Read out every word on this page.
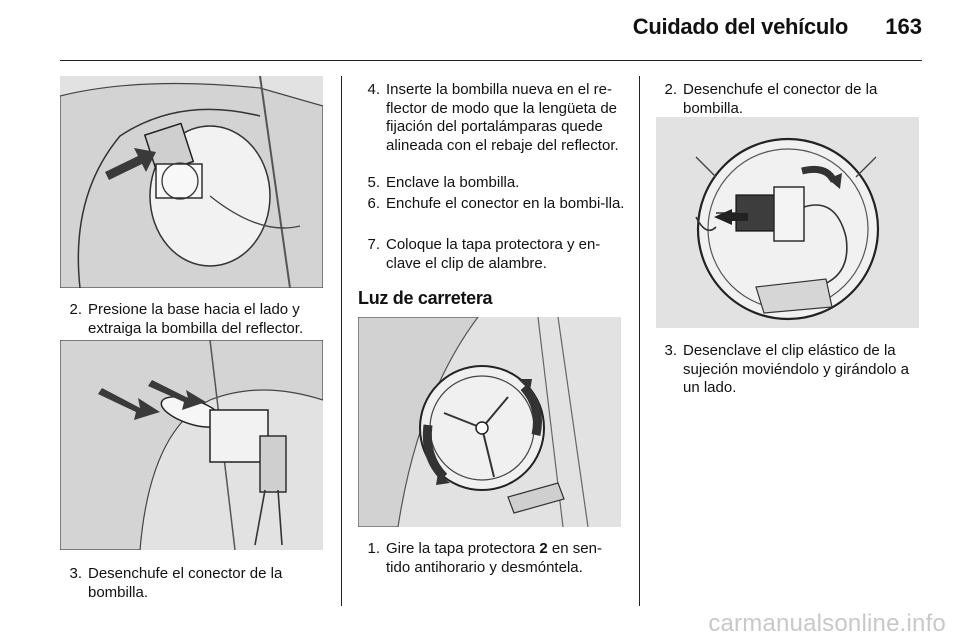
Cuidado del vehículo 163
2. Presione la base hacia el lado y extraiga la bombilla del reflector.
3. Desenchufe el conector de la bombilla.
4. Inserte la bombilla nueva en el re-flector de modo que la lengüeta de fijación del portalámparas quede alineada con el rebaje del reflector.
5. Enclave la bombilla.
6. Enchufe el conector en la bombi-lla.
7. Coloque la tapa protectora y en-clave el clip de alambre.
Luz de carretera
1. Gire la tapa protectora 2 en sen-tido antihorario y desmóntela.
2. Desenchufe el conector de la bombilla.
3. Desenclave el clip elástico de la sujeción moviéndolo y girándolo a un lado.
carmanualsonline.info
